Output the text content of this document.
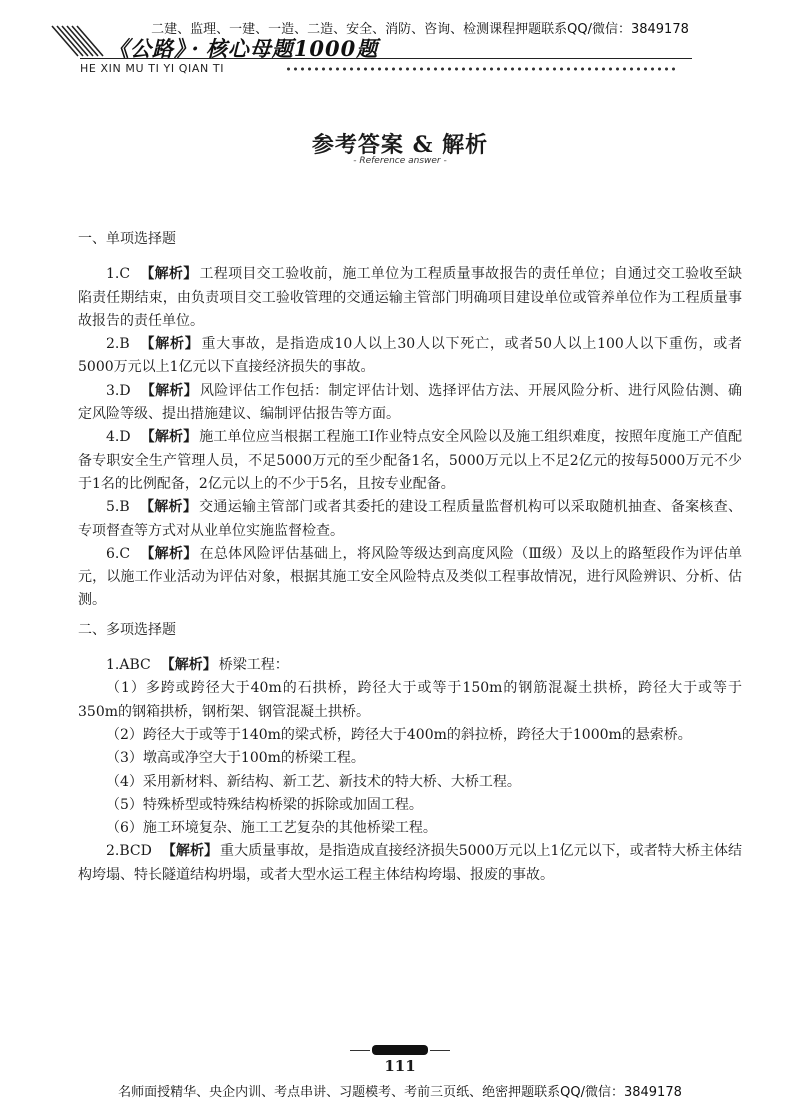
二建、监理、一建、一造、二造、安全、消防、咨询、检测课程押题联系QQ/微信：3849178
《公路》 · 核心母题1000题
HE XIN MU TI YI QIAN TI
参考答案 & 解析
- Reference answer -

一、单项选择题

1.C 【解析】 工程项目交工验收前，施工单位为工程质量事故报告的责任单位；自通过交工验收至缺陷责任期结束，由负责项目交工验收管理的交通运输主管部门明确项目建设单位或管养单位作为工程质量事故报告的责任单位。

2.B 【解析】 重大事故，是指造成10人以上30人以下死亡，或者50人以上100人以下重伤，或者5000万元以上1亿元以下直接经济损失的事故。

3.D 【解析】 风险评估工作包括：制定评估计划、选择评估方法、开展风险分析、进行风险估测、确定风险等级、提出措施建议、编制评估报告等方面。

4.D 【解析】 施工单位应当根据工程施工I作业特点安全风险以及施工组织难度，按照年度施工产值配备专职安全生产管理人员，不足5000万元的至少配备1名，5000万元以上不足2亿元的按每5000万元不少于1名的比例配备，2亿元以上的不少于5名，且按专业配备。

5.B 【解析】 交通运输主管部门或者其委托的建设工程质量监督机构可以采取随机抽查、备案核查、专项督查等方式对从业单位实施监督检查。

6.C 【解析】 在总体风险评估基础上，将风险等级达到高度风险（Ⅲ级）及以上的路堑段作为评估单元，以施工作业活动为评估对象，根据其施工安全风险特点及类似工程事故情况，进行风险辨识、分析、估测。

二、多项选择题

1.ABC 【解析】 桥梁工程：

（1）多跨或跨径大于40m的石拱桥，跨径大于或等于150m的钢筋混凝土拱桥，跨径大于或等于350m的钢箱拱桥，钢桁架、钢管混凝土拱桥。

（2）跨径大于或等于140m的梁式桥，跨径大于400m的斜拉桥，跨径大于1000m的悬索桥。

（3）墩高或净空大于100m的桥梁工程。

（4）采用新材料、新结构、新工艺、新技术的特大桥、大桥工程。

（5）特殊桥型或特殊结构桥梁的拆除或加固工程。

（6）施工环境复杂、施工工艺复杂的其他桥梁工程。

2.BCD 【解析】 重大质量事故，是指造成直接经济损失5000万元以上1亿元以下，或者特大桥主体结构垮塌、特长隧道结构坍塌，或者大型水运工程主体结构垮塌、报废的事故。

111
名师面授精华、央企内训、考点串讲、习题模考、考前三页纸、绝密押题联系QQ/微信：3849178
